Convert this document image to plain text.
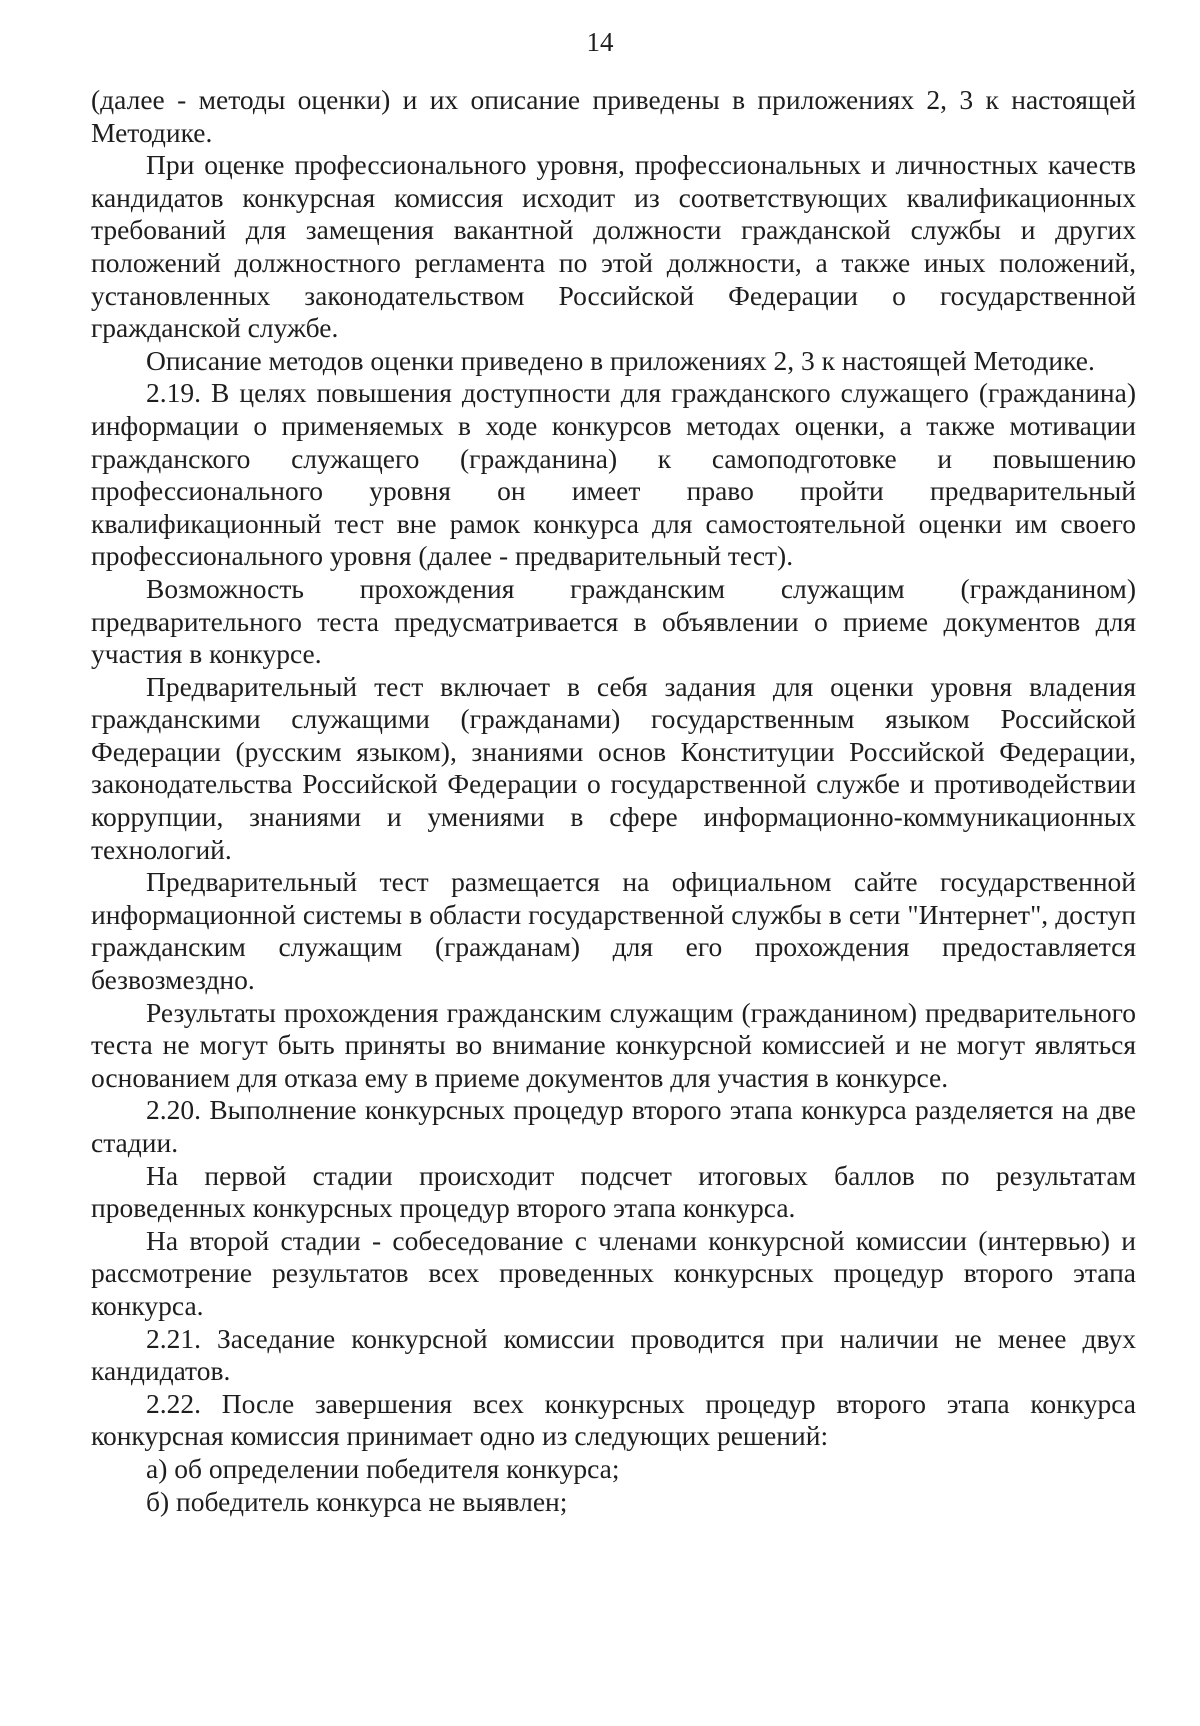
14

(далее - методы оценки) и их описание приведены в приложениях 2, 3 к настоящей Методике.

При оценке профессионального уровня, профессиональных и личностных качеств кандидатов конкурсная комиссия исходит из соответствующих квалификационных требований для замещения вакантной должности гражданской службы и других положений должностного регламента по этой должности, а также иных положений, установленных законодательством Российской Федерации о государственной гражданской службе.

Описание методов оценки приведено в приложениях 2, 3 к настоящей Методике.

2.19. В целях повышения доступности для гражданского служащего (гражданина) информации о применяемых в ходе конкурсов методах оценки, а также мотивации гражданского служащего (гражданина) к самоподготовке и повышению профессионального уровня он имеет право пройти предварительный квалификационный тест вне рамок конкурса для самостоятельной оценки им своего профессионального уровня (далее - предварительный тест).

Возможность прохождения гражданским служащим (гражданином) предварительного теста предусматривается в объявлении о приеме документов для участия в конкурсе.

Предварительный тест включает в себя задания для оценки уровня владения гражданскими служащими (гражданами) государственным языком Российской Федерации (русским языком), знаниями основ Конституции Российской Федерации, законодательства Российской Федерации о государственной службе и противодействии коррупции, знаниями и умениями в сфере информационно-коммуникационных технологий.

Предварительный тест размещается на официальном сайте государственной информационной системы в области государственной службы в сети "Интернет", доступ гражданским служащим (гражданам) для его прохождения предоставляется безвозмездно.

Результаты прохождения гражданским служащим (гражданином) предварительного теста не могут быть приняты во внимание конкурсной комиссией и не могут являться основанием для отказа ему в приеме документов для участия в конкурсе.

2.20. Выполнение конкурсных процедур второго этапа конкурса разделяется на две стадии.

На первой стадии происходит подсчет итоговых баллов по результатам проведенных конкурсных процедур второго этапа конкурса.

На второй стадии - собеседование с членами конкурсной комиссии (интервью) и рассмотрение результатов всех проведенных конкурсных процедур второго этапа конкурса.

2.21. Заседание конкурсной комиссии проводится при наличии не менее двух кандидатов.

2.22. После завершения всех конкурсных процедур второго этапа конкурса конкурсная комиссия принимает одно из следующих решений:

а) об определении победителя конкурса;

б) победитель конкурса не выявлен;
